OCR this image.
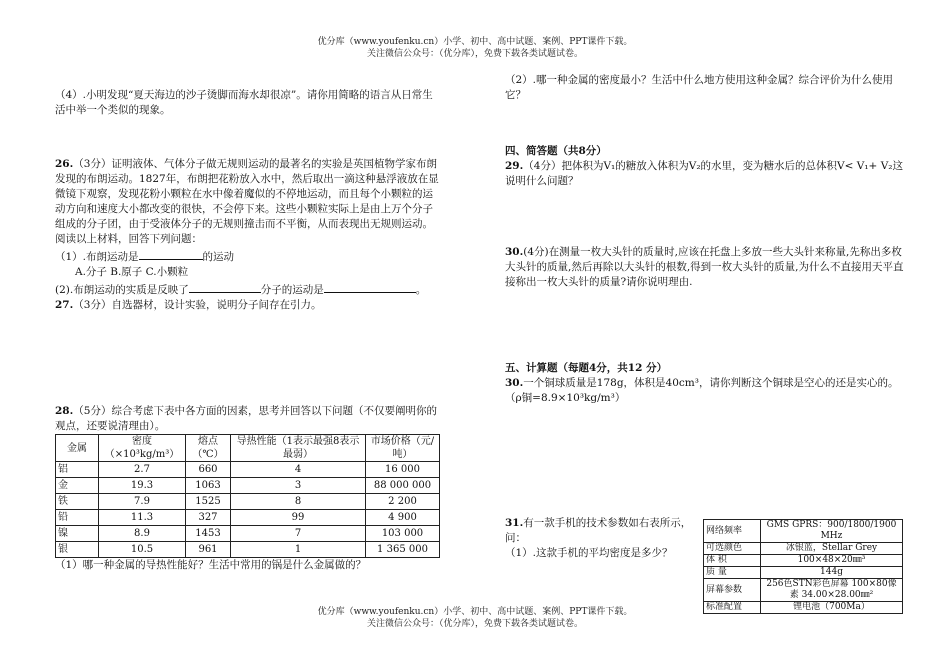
优分库（www.youfenku.cn）小学、初中、高中试题、案例、PPT课件下载。
关注微信公众号：（优分库），免费下载各类试题试卷。

（4）.小明发现“夏天海边的沙子烫脚而海水却很凉”。请你用简略的语言从日常生活中举一个类似的现象。

26.（3分）证明液体、气体分子做无规则运动的最著名的实验是英国植物学家布朗发现的布朗运动。1827年，布朗把花粉放入水中，然后取出一滴这种悬浮液放在显微镜下观察，发现花粉小颗粒在水中像着魔似的不停地运动，而且每个小颗粒的运动方向和速度大小都改变的很快，不会停下来。这些小颗粒实际上是由上万个分子组成的分子团，由于受液体分子的无规则撞击而不平衡，从而表现出无规则运动。

阅读以上材料，回答下列问题：

（1）.布朗运动是	的运动

A.分子 B.原子 C.小颗粒

(2).布朗运动的实质是反映了	分子的运动是	。

27.（3分）自选器材，设计实验，说明分子间存在引力。

28.（5分）综合考虑下表中各方面的因素，思考并回答以下问题（不仅要阐明你的观点，还要说清理由）。

金属	密度（×10³kg/m³）	熔点（℃）	导热性能（1表示最强8表示最弱）	市场价格（元/吨）
铝	2.7	660	4	16 000
金	19.3	1063	3	88 000 000
铁	7.9	1525	8	2 200
铅	11.3	327	99	4 900
镍	8.9	1453	7	103 000
银	10.5	961	1	1 365 000

（1）哪一种金属的导热性能好？生活中常用的锅是什么金属做的？

（2）.哪一种金属的密度最小？生活中什么地方使用这种金属？综合评价为什么使用它？

四、简答题（共8分）

29.（4分）把体积为V₁的糖放入体积为V₂的水里，变为糖水后的总体积V< V₁+ V₂这说明什么问题？

30.(4分)在测量一枚大头针的质量时,应该在托盘上多放一些大头针来称量,先称出多枚大头针的质量,然后再除以大头针的根数,得到一枚大头针的质量,为什么不直接用天平直接称出一枚大头针的质量?请你说明理由.

五、计算题（每题4分，共12 分）

30.一个铜球质量是178g，体积是40cm³，请你判断这个铜球是空心的还是实心的。（ρ铜=8.9×10³kg/m³）

31.有一款手机的技术参数如右表所示，问：

（1）.这款手机的平均密度是多少？

网络频率	GMS GPRS：900/1800/1900 MHz
可选颜色	冰银蓝，Stellar Grey
体 积	100×48×20㎜³
质 量	144g
屏幕参数	256色STN彩色屏幕 100×80像素 34.00×28.00㎜²
标准配置	锂电池（700Ma）
优分库（www.youfenku.cn）小学、初中、高中试题、案例、PPT课件下载。
关注微信公众号：（优分库），免费下载各类试题试卷。
